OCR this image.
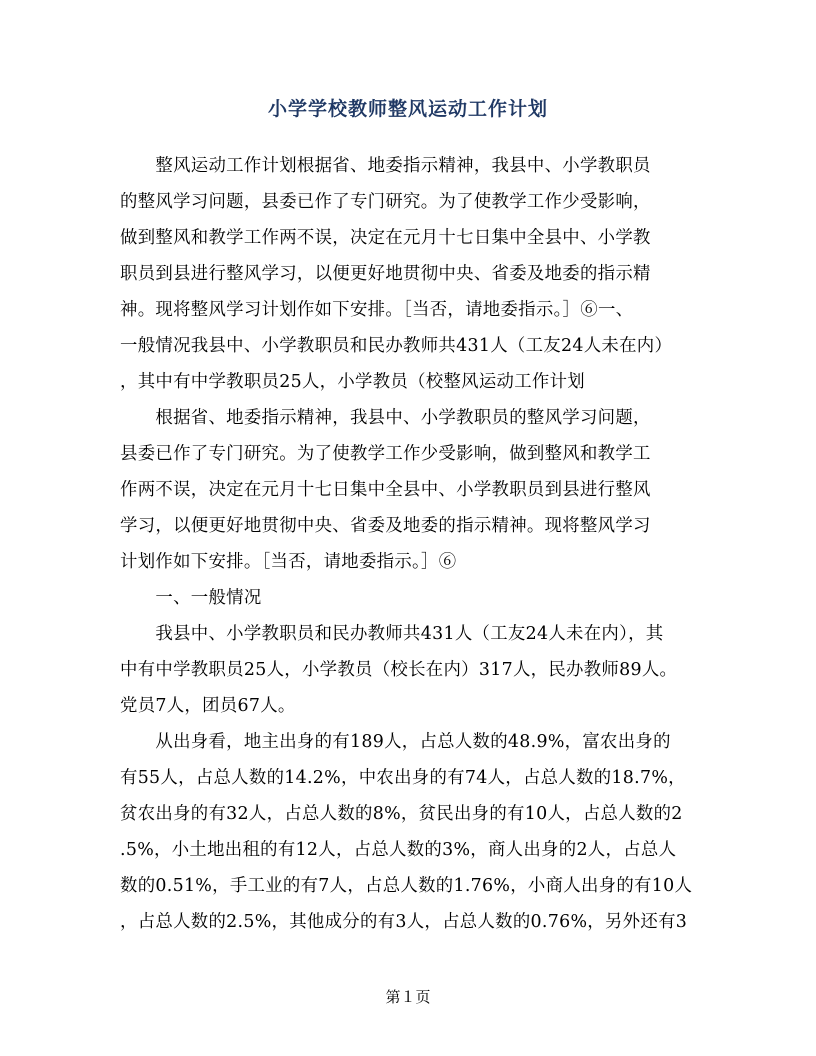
小学学校教师整风运动工作计划
　　整风运动工作计划根据省、地委指示精神，我县中、小学教职员
的整风学习问题，县委已作了专门研究。为了使教学工作少受影响，
做到整风和教学工作两不误，决定在元月十七日集中全县中、小学教
职员到县进行整风学习，以便更好地贯彻中央、省委及地委的指示精
神。现将整风学习计划作如下安排。［当否，请地委指示。］⑥一、
一般情况我县中、小学教职员和民办教师共431人（工友24人未在内）
，其中有中学教职员25人，小学教员（校整风运动工作计划
　　根据省、地委指示精神，我县中、小学教职员的整风学习问题，
县委已作了专门研究。为了使教学工作少受影响，做到整风和教学工
作两不误，决定在元月十七日集中全县中、小学教职员到县进行整风
学习，以便更好地贯彻中央、省委及地委的指示精神。现将整风学习
计划作如下安排。［当否，请地委指示。］⑥
　　一、一般情况
　　我县中、小学教职员和民办教师共431人（工友24人未在内），其
中有中学教职员25人，小学教员（校长在内）317人，民办教师89人。
党员7人，团员67人。
　　从出身看，地主出身的有189人，占总人数的48.9%，富农出身的
有55人，占总人数的14.2%，中农出身的有74人，占总人数的18.7%，
贫农出身的有32人，占总人数的8%，贫民出身的有10人，占总人数的2
.5%，小土地出租的有12人，占总人数的3%，商人出身的2人，占总人
数的0.51%，手工业的有7人，占总人数的1.76%，小商人出身的有10人
，占总人数的2.5%，其他成分的有3人，占总人数的0.76%，另外还有3
第１页
